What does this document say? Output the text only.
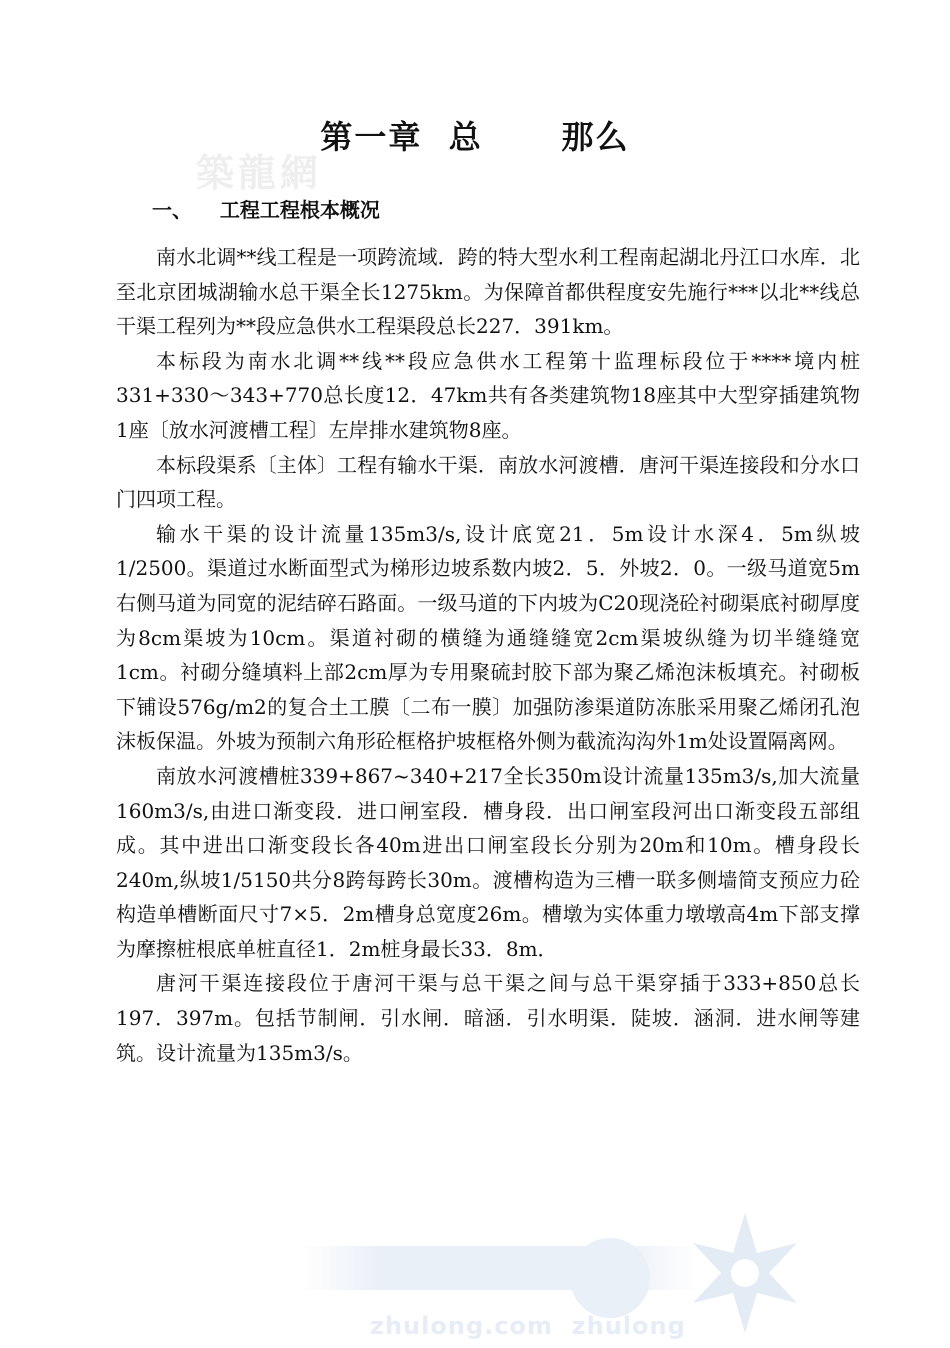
築龍網
第一章  总      那么
一、    工程工程根本概况

南水北调**线工程是一项跨流域．跨的特大型水利工程南起湖北丹江口水库．北至北京团城湖输水总干渠全长1275km。为保障首都供程度安先施行***以北**线总干渠工程列为**段应急供水工程渠段总长227．391km。

本标段为南水北调**线**段应急供水工程第十监理标段位于****境内桩331+330～343+770总长度12．47km共有各类建筑物18座其中大型穿插建筑物1座〔放水河渡槽工程〕左岸排水建筑物8座。

本标段渠系〔主体〕工程有输水干渠．南放水河渡槽．唐河干渠连接段和分水口门四项工程。

输水干渠的设计流量135m3/s,设计底宽21．5m设计水深4．5m纵坡1/2500。渠道过水断面型式为梯形边坡系数内坡2．5．外坡2．0。一级马道宽5m右侧马道为同宽的泥结碎石路面。一级马道的下内坡为C20现浇砼衬砌渠底衬砌厚度为8cm渠坡为10cm。渠道衬砌的横缝为通缝缝宽2cm渠坡纵缝为切半缝缝宽1cm。衬砌分缝填料上部2cm厚为专用聚硫封胶下部为聚乙烯泡沫板填充。衬砌板下铺设576g/m2的复合土工膜〔二布一膜〕加强防渗渠道防冻胀采用聚乙烯闭孔泡沫板保温。外坡为预制六角形砼框格护坡框格外侧为截流沟沟外1m处设置隔离网。

南放水河渡槽桩339+867~340+217全长350m设计流量135m3/s,加大流量160m3/s,由进口渐变段．进口闸室段．槽身段．出口闸室段河出口渐变段五部组成。其中进出口渐变段长各40m进出口闸室段长分别为20m和10m。槽身段长240m,纵坡1/5150共分8跨每跨长30m。渡槽构造为三槽一联多侧墙简支预应力砼构造单槽断面尺寸7×5．2m槽身总宽度26m。槽墩为实体重力墩墩高4m下部支撑为摩擦桩根底单桩直径1．2m桩身最长33．8m．

唐河干渠连接段位于唐河干渠与总干渠之间与总干渠穿插于333+850总长197．397m。包括节制闸．引水闸．暗涵．引水明渠．陡坡．涵洞．进水闸等建筑。设计流量为135m3/s。

zhulong.com  zhulong
